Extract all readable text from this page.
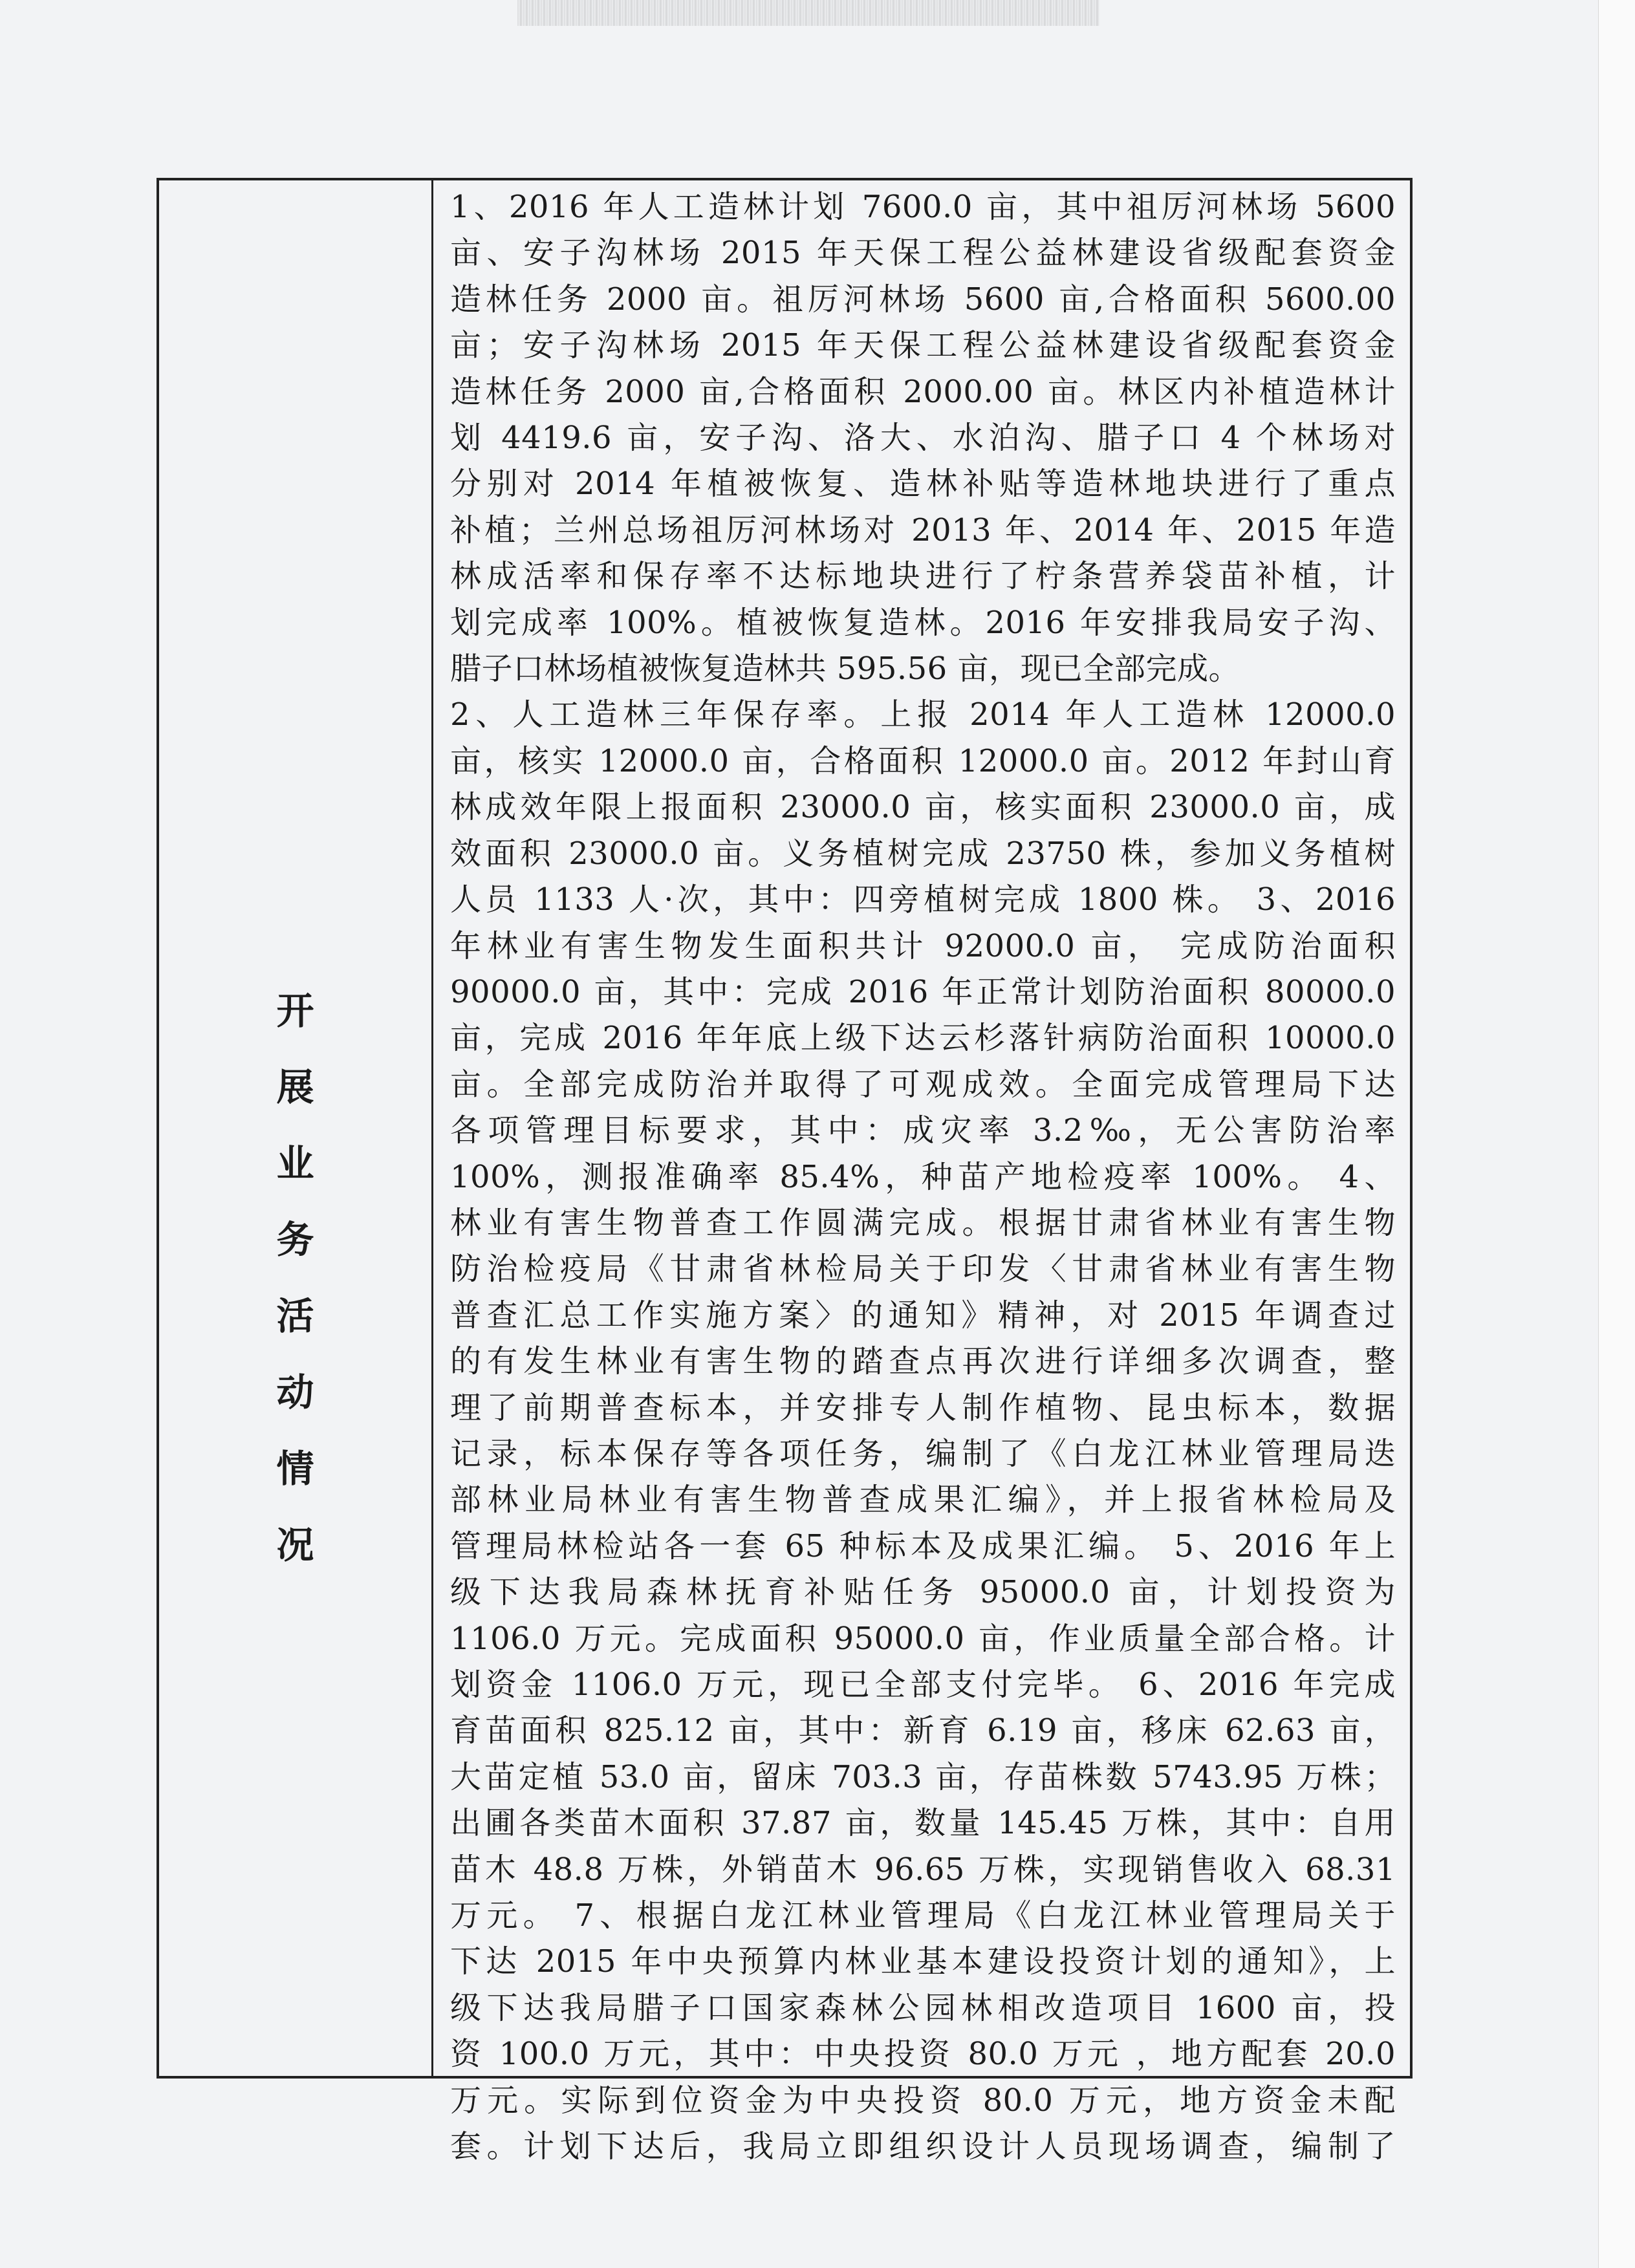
开
展
业
务
活
动
情
况
1、2016 年人工造林计划 7600.0 亩，其中祖厉河林场 5600
亩、安子沟林场 2015 年天保工程公益林建设省级配套资金
造林任务 2000 亩。祖厉河林场 5600 亩,合格面积 5600.00
亩；安子沟林场 2015 年天保工程公益林建设省级配套资金
造林任务 2000 亩,合格面积 2000.00 亩。林区内补植造林计
划 4419.6 亩，安子沟、洛大、水泊沟、腊子口 4 个林场对
分别对 2014 年植被恢复、造林补贴等造林地块进行了重点
补植；兰州总场祖厉河林场对 2013 年、2014 年、2015 年造
林成活率和保存率不达标地块进行了柠条营养袋苗补植，计
划完成率 100%。植被恢复造林。2016 年安排我局安子沟、
腊子口林场植被恢复造林共 595.56 亩，现已全部完成。
2、人工造林三年保存率。上报 2014 年人工造林 12000.0
亩，核实 12000.0 亩，合格面积 12000.0 亩。2012 年封山育
林成效年限上报面积 23000.0 亩，核实面积 23000.0 亩，成
效面积 23000.0 亩。义务植树完成 23750 株，参加义务植树
人员 1133 人·次，其中：四旁植树完成 1800 株。 3、2016
年林业有害生物发生面积共计 92000.0 亩， 完成防治面积
90000.0 亩，其中：完成 2016 年正常计划防治面积 80000.0
亩，完成 2016 年年底上级下达云杉落针病防治面积 10000.0
亩。全部完成防治并取得了可观成效。全面完成管理局下达
各项管理目标要求，其中：成灾率 3.2‰，无公害防治率
100%，测报准确率 85.4%，种苗产地检疫率 100%。 4、
林业有害生物普查工作圆满完成。根据甘肃省林业有害生物
防治检疫局《甘肃省林检局关于印发〈甘肃省林业有害生物
普查汇总工作实施方案〉的通知》精神，对 2015 年调查过
的有发生林业有害生物的踏查点再次进行详细多次调查，整
理了前期普查标本，并安排专人制作植物、昆虫标本，数据
记录，标本保存等各项任务，编制了《白龙江林业管理局迭
部林业局林业有害生物普查成果汇编》，并上报省林检局及
管理局林检站各一套 65 种标本及成果汇编。 5、2016 年上
级下达我局森林抚育补贴任务 95000.0 亩，计划投资为
1106.0 万元。完成面积 95000.0 亩，作业质量全部合格。计
划资金 1106.0 万元，现已全部支付完毕。 6、2016 年完成
育苗面积 825.12 亩，其中：新育 6.19 亩，移床 62.63 亩，
大苗定植 53.0 亩，留床 703.3 亩，存苗株数 5743.95 万株；
出圃各类苗木面积 37.87 亩，数量 145.45 万株，其中：自用
苗木 48.8 万株，外销苗木 96.65 万株，实现销售收入 68.31
万元。 7、根据白龙江林业管理局《白龙江林业管理局关于
下达 2015 年中央预算内林业基本建设投资计划的通知》，上
级下达我局腊子口国家森林公园林相改造项目 1600 亩，投
资 100.0 万元，其中：中央投资 80.0 万元 ，地方配套 20.0
万元。实际到位资金为中央投资 80.0 万元，地方资金未配
套。计划下达后，我局立即组织设计人员现场调查，编制了
